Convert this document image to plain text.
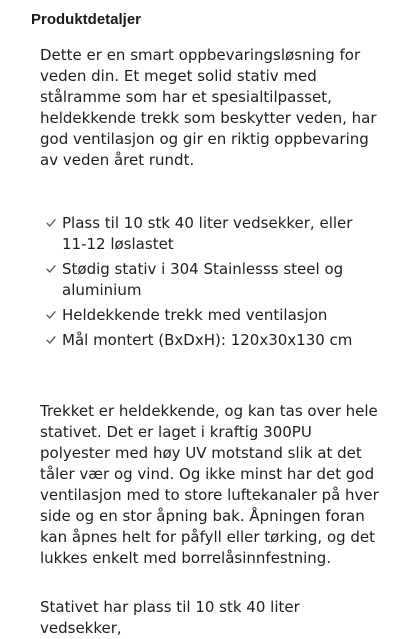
Produktdetaljer

Dette er en smart oppbevaringsløsning for veden din. Et meget solid stativ med stålramme som har et spesialtilpasset, heldekkende trekk som beskytter veden, har god ventilasjon og gir en riktig oppbevaring av veden året rundt.

Plass til 10 stk 40 liter vedsekker, eller 11-12 løslastet
Stødig stativ i 304 Stainlesss steel og aluminium
Heldekkende trekk med ventilasjon
Mål montert (BxDxH): 120x30x130 cm

Trekket er heldekkende, og kan tas over hele stativet. Det er laget i kraftig 300PU polyester med høy UV motstand slik at det tåler vær og vind. Og ikke minst har det god ventilasjon med to store luftekanaler på hver side og en stor åpning bak. Åpningen foran kan åpnes helt for påfyll eller tørking, og det lukkes enkelt med borrelåsinnfestning.

Stativet har plass til 10 stk 40 liter vedsekker,
